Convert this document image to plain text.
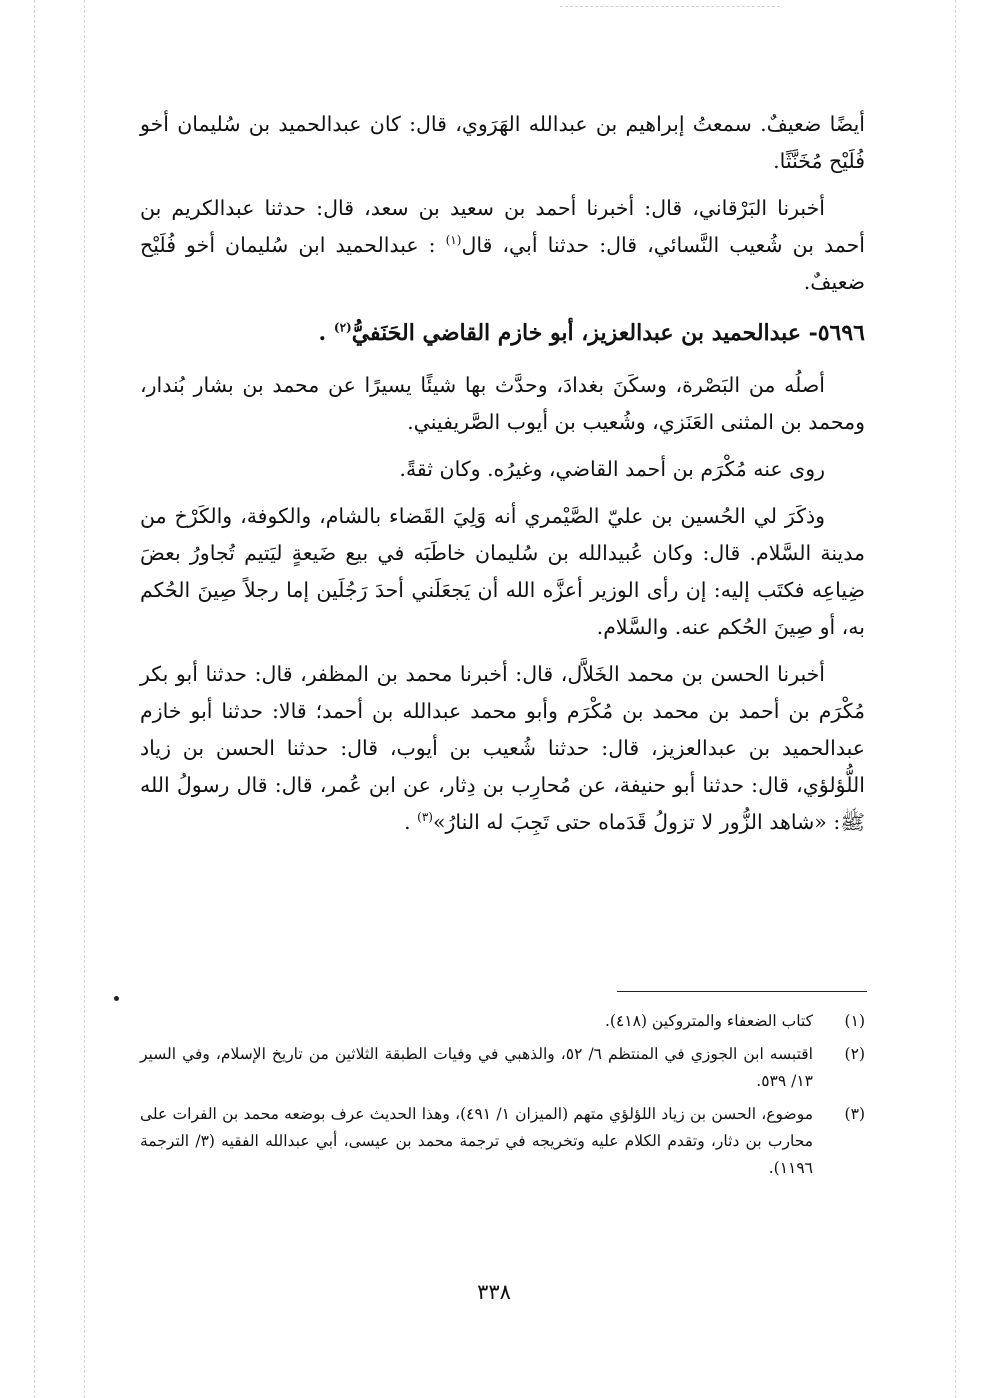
أيضًا ضعيفٌ. سمعتُ إبراهيم بن عبدالله الهَرَوي، قال: كان عبدالحميد بن سُليمان أخو فُلَيْح مُخَنَّثًا.

أخبرنا البَرْقاني، قال: أخبرنا أحمد بن سعيد بن سعد، قال: حدثنا عبدالكريم بن أحمد بن شُعيب النَّسائي، قال: حدثنا أبي، قال$^{(١)}$ : عبدالحميد ابن سُليمان أخو فُلَيْح ضعيفٌ.

٥٦٩٦- عبدالحميد بن عبدالعزيز، أبو خازم القاضي الحَنَفيُّ$^{(٢)}$ .

أصلُه من البَصْرة، وسكَنَ بغدادَ، وحدَّث بها شيئًا يسيرًا عن محمد بن بشار بُندار، ومحمد بن المثنى العَنَزي، وشُعيب بن أيوب الصَّريفيني.

روى عنه مُكْرَم بن أحمد القاضي، وغيرُه. وكان ثقةً.

وذكَرَ لي الحُسين بن عليّ الصَّيْمري أنه وَلِيَ القَضاء بالشام، والكوفة، والكَرْخ من مدينة السَّلام. قال: وكان عُبيدالله بن سُليمان خاطَبَه في بيع ضَيعةٍ ليَتيم تُجاورُ بعضَ ضِياعِه فكتَب إليه: إن رأى الوزير أعزَّه الله أن يَجعَلَني أحدَ رَجُلَين إما رجلاً صِينَ الحُكم به، أو صِينَ الحُكم عنه. والسَّلام.

أخبرنا الحسن بن محمد الخَلاَّل، قال: أخبرنا محمد بن المظفر، قال: حدثنا أبو بكر مُكْرَم بن أحمد بن محمد بن مُكْرَم وأبو محمد عبدالله بن أحمد؛ قالا: حدثنا أبو خازم عبدالحميد بن عبدالعزيز، قال: حدثنا شُعيب بن أيوب، قال: حدثنا الحسن بن زياد اللُّؤلؤي، قال: حدثنا أبو حنيفة، عن مُحارِب بن دِثار، عن ابن عُمر، قال: قال رسولُ الله ﷺ: «شاهد الزُّور لا تزولُ قَدَماه حتى تَجِبَ له النارُ»$^{(٣)}$ .

(١)
كتاب الضعفاء والمتروكين (٤١٨).
(٢)
اقتبسه ابن الجوزي في المنتظم ٦/ ٥٢، والذهبي في وفيات الطبقة الثلاثين من تاريخ الإسلام، وفي السير ١٣/ ٥٣٩.
(٣)
موضوع، الحسن بن زياد اللؤلؤي متهم (الميزان ١/ ٤٩١)، وهذا الحديث عرف بوضعه محمد بن الفرات على محارب بن دثار، وتقدم الكلام عليه وتخريجه في ترجمة محمد بن عيسى، أبي عبدالله الفقيه (٣/ الترجمة ١١٩٦).
٣٣٨
